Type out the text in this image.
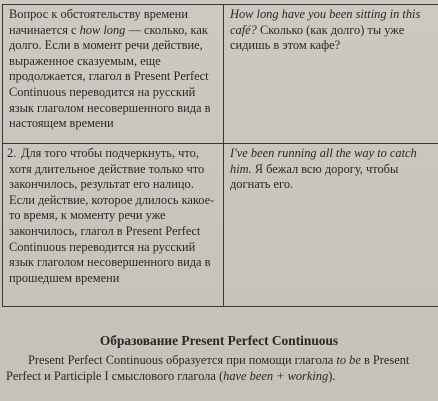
Вопрос к обстоятельству времени начинается с how long — сколько, как долго. Если в момент речи действие, выраженное сказуемым, еще продолжается, глагол в Present Perfect Continuous переводится на русский язык глаголом несовершенного вида в настоящем времени	How long have you been sitting in this café? Сколько (как долго) ты уже сидишь в этом кафе?
2. Для того чтобы подчеркнуть, что, хотя длительное действие только что закончилось, результат его налицо. Если действие, которое длилось какое-то время, к моменту речи уже закончилось, глагол в Present Perfect Continuous переводится на русский язык глаголом несовершенного вида в прошедшем времени	I've been running all the way to catch him. Я бежал всю дорогу, чтобы догнать его.
Образование Present Perfect Continuous
Present Perfect Continuous образуется при помощи глагола to be в Present Perfect и Participle I смыслового глагола (have been + working).
